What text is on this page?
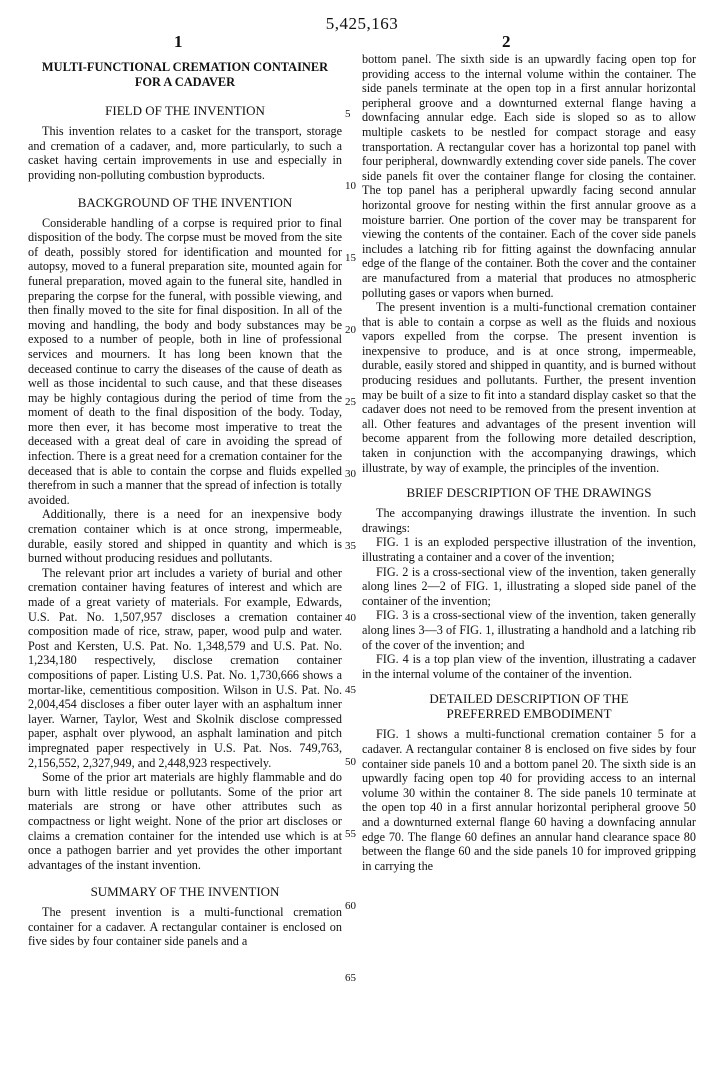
5,425,163
1	2
MULTI-FUNCTIONAL CREMATION CONTAINER FOR A CADAVER
FIELD OF THE INVENTION

This invention relates to a casket for the transport, storage and cremation of a cadaver, and, more particularly, to such a casket having certain improvements in use and especially in providing non-polluting combustion byproducts.

BACKGROUND OF THE INVENTION

Considerable handling of a corpse is required prior to final disposition of the body. The corpse must be moved from the site of death, possibly stored for identification and mounted for autopsy, moved to a funeral preparation site, mounted again for funeral preparation, moved again to the funeral site, handled in preparing the corpse for the funeral, with possible viewing, and then finally moved to the site for final disposition. In all of the moving and handling, the body and body substances may be exposed to a number of people, both in line of professional services and mourners. It has long been known that the deceased continue to carry the diseases of the cause of death as well as those incidental to such cause, and that these diseases may be highly contagious during the period of time from the moment of death to the final disposition of the body. Today, more then ever, it has become most imperative to treat the deceased with a great deal of care in avoiding the spread of infection. There is a great need for a cremation container for the deceased that is able to contain the corpse and fluids expelled therefrom in such a manner that the spread of infection is totally avoided.

Additionally, there is a need for an inexpensive body cremation container which is at once strong, impermeable, durable, easily stored and shipped in quantity and which is burned without producing residues and pollutants.

The relevant prior art includes a variety of burial and other cremation container having features of interest and which are made of a great variety of materials. For example, Edwards, U.S. Pat. No. 1,507,957 discloses a cremation container composition made of rice, straw, paper, wood pulp and water. Post and Kersten, U.S. Pat. No. 1,348,579 and U.S. Pat. No. 1,234,180 respectively, disclose cremation container compositions of paper. Listing U.S. Pat. No. 1,730,666 shows a mortar-like, cementitious composition. Wilson in U.S. Pat. No. 2,004,454 discloses a fiber outer layer with an asphaltum inner layer. Warner, Taylor, West and Skolnik disclose compressed paper, asphalt over plywood, an asphalt lamination and pitch impregnated paper respectively in U.S. Pat. Nos. 749,763, 2,156,552, 2,327,949, and 2,448,923 respectively.

Some of the prior art materials are highly flammable and do burn with little residue or pollutants. Some of the prior art materials are strong or have other attributes such as compactness or light weight. None of the prior art discloses or claims a cremation container for the intended use which is at once a pathogen barrier and yet provides the other important advantages of the instant invention.

SUMMARY OF THE INVENTION

The present invention is a multi-functional cremation container for a cadaver. A rectangular container is enclosed on five sides by four container side panels and a

5
10
15
20
25
30
35
40
45
50
55
60
65

bottom panel. The sixth side is an upwardly facing open top for providing access to the internal volume within the container. The side panels terminate at the open top in a first annular horizontal peripheral groove and a downturned external flange having a downfacing annular edge. Each side is sloped so as to allow multiple caskets to be nestled for compact storage and easy transportation. A rectangular cover has a horizontal top panel with four peripheral, downwardly extending cover side panels. The cover side panels fit over the container flange for closing the container. The top panel has a peripheral upwardly facing second annular horizontal groove for nesting within the first annular groove as a moisture barrier. One portion of the cover may be transparent for viewing the contents of the container. Each of the cover side panels includes a latching rib for fitting against the downfacing annular edge of the flange of the container. Both the cover and the container are manufactured from a material that produces no atmospheric polluting gases or vapors when burned.

The present invention is a multi-functional cremation container that is able to contain a corpse as well as the fluids and noxious vapors expelled from the corpse. The present invention is inexpensive to produce, and is at once strong, impermeable, durable, easily stored and shipped in quantity, and is burned without producing residues and pollutants. Further, the present invention may be built of a size to fit into a standard display casket so that the cadaver does not need to be removed from the present invention at all. Other features and advantages of the present invention will become apparent from the following more detailed description, taken in conjunction with the accompanying drawings, which illustrate, by way of example, the principles of the invention.

BRIEF DESCRIPTION OF THE DRAWINGS

The accompanying drawings illustrate the invention. In such drawings:

FIG. 1 is an exploded perspective illustration of the invention, illustrating a container and a cover of the invention;

FIG. 2 is a cross-sectional view of the invention, taken generally along lines 2—2 of FIG. 1, illustrating a sloped side panel of the container of the invention;

FIG. 3 is a cross-sectional view of the invention, taken generally along lines 3—3 of FIG. 1, illustrating a handhold and a latching rib of the cover of the invention; and

FIG. 4 is a top plan view of the invention, illustrating a cadaver in the internal volume of the container of the invention.

DETAILED DESCRIPTION OF THE PREFERRED EMBODIMENT

FIG. 1 shows a multi-functional cremation container 5 for a cadaver. A rectangular container 8 is enclosed on five sides by four container side panels 10 and a bottom panel 20. The sixth side is an upwardly facing open top 40 for providing access to an internal volume 30 within the container 8. The side panels 10 terminate at the open top 40 in a first annular horizontal peripheral groove 50 and a downturned external flange 60 having a downfacing annular edge 70. The flange 60 defines an annular hand clearance space 80 between the flange 60 and the side panels 10 for improved gripping in carrying the
